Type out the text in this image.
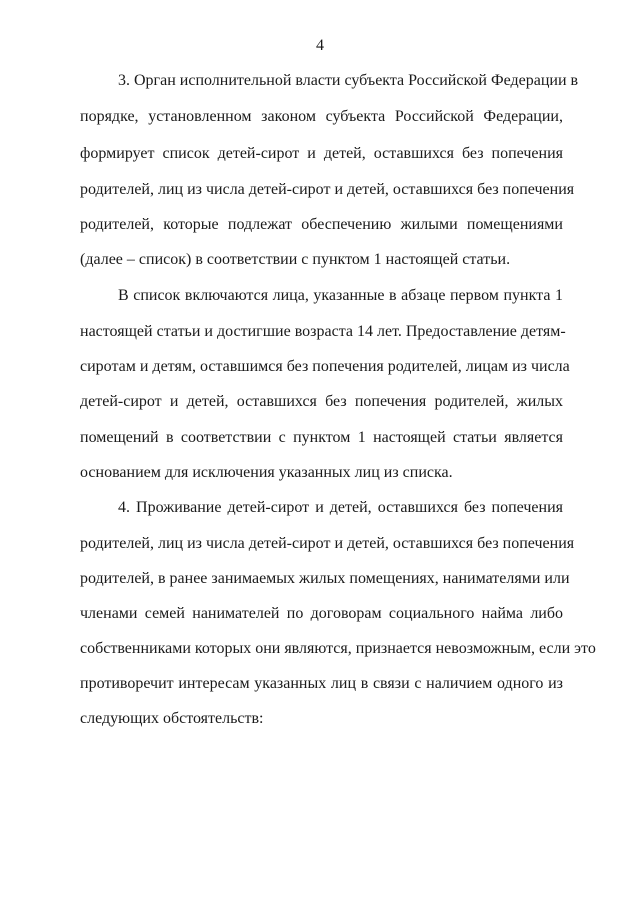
4
3. Орган исполнительной власти субъекта Российской Федерации в
порядке, установленном законом субъекта Российской Федерации,
формирует список детей-сирот и детей, оставшихся без попечения
родителей, лиц из числа детей-сирот и детей, оставшихся без попечения
родителей, которые подлежат обеспечению жилыми помещениями
(далее – список) в соответствии с пунктом 1 настоящей статьи.
В список включаются лица, указанные в абзаце первом пункта 1
настоящей статьи и достигшие возраста 14 лет. Предоставление детям-
сиротам и детям, оставшимся без попечения родителей, лицам из числа
детей-сирот и детей, оставшихся без попечения родителей, жилых
помещений в соответствии с пунктом 1 настоящей статьи является
основанием для исключения указанных лиц из списка.
4. Проживание детей-сирот и детей, оставшихся без попечения
родителей, лиц из числа детей-сирот и детей, оставшихся без попечения
родителей, в ранее занимаемых жилых помещениях, нанимателями или
членами семей нанимателей по договорам социального найма либо
собственниками которых они являются, признается невозможным, если это
противоречит интересам указанных лиц в связи с наличием одного из
следующих обстоятельств:
